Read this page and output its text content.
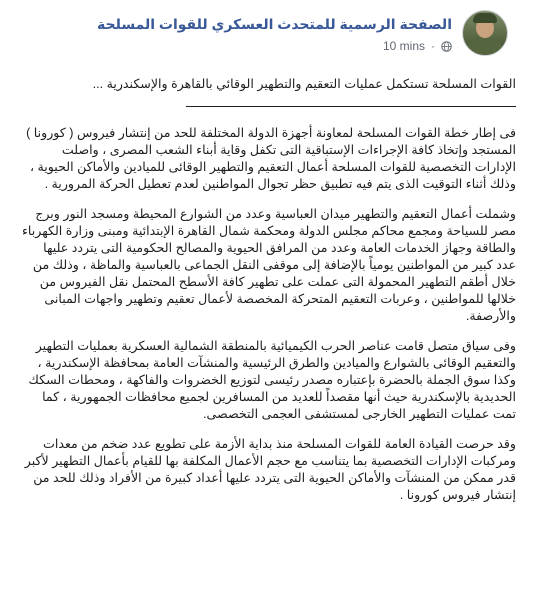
الصفحة الرسمية للمتحدث العسكري للقوات المسلحة
10 mins ·

القوات المسلحة تستكمل عمليات التعقيم والتطهير الوقائي بالقاهرة والإسكندرية ...

فى إطار خطة القوات المسلحة لمعاونة أجهزة الدولة المختلفة للحد من إنتشار فيروس ( كورونا ) المستجد وإتخاذ كافة الإجراءات الإستباقية التى تكفل وقاية أبناء الشعب المصرى ، واصلت الإدارات التخصصية للقوات المسلحة أعمال التعقيم والتطهير الوقائى للميادين والأماكن الحيوية ، وذلك أثناء التوقيت الذى يتم فيه تطبيق حظر تجوال المواطنين لعدم تعطيل الحركة المرورية .

وشملت أعمال التعقيم والتطهير ميدان العباسية وعدد من الشوارع المحيطة ومسجد النور وبرج مصر للسياحة ومجمع محاكم مجلس الدولة ومحكمة شمال القاهرة الإبتدائية ومبنى وزارة الكهرباء والطاقة وجهاز الخدمات العامة وعدد من المرافق الحيوية والمصالح الحكومية التى يتردد عليها عدد كبير من المواطنين يومياً بالإضافة إلى موقفى النقل الجماعى بالعباسية والماظة ، وذلك من خلال أطقم التطهير المحمولة التى عملت على تطهير كافة الأسطح المحتمل نقل الفيروس من خلالها للمواطنين ، وعربات التعقيم المتحركة المخصصة لأعمال تعقيم وتطهير واجهات المبانى والأرصفة.

وفى سياق متصل قامت عناصر الحرب الكيميائية بالمنطقة الشمالية العسكرية بعمليات التطهير والتعقيم الوقائى بالشوارع والميادين والطرق الرئيسية والمنشآت العامة بمحافظة الإسكندرية ، وكذا سوق الجملة بالحضرة بإعتباره مصدر رئيسى لتوزيع الخضروات والفاكهة ، ومحطات السكك الحديدية بالإسكندرية حيث أنها مقصداً للعديد من المسافرين لجميع محافظات الجمهورية ، كما تمت عمليات التطهير الخارجى لمستشفى العجمى التخصصى.

وقد حرصت القيادة العامة للقوات المسلحة منذ بداية الأزمة على تطويع عدد ضخم من معدات ومركبات الإدارات التخصصية بما يتناسب مع حجم الأعمال المكلفة بها للقيام بأعمال التطهير لأكبر قدر ممكن من المنشآت والأماكن الحيوية التى يتردد عليها أعداد كبيرة من الأفراد وذلك للحد من إنتشار فيروس كورونا .
